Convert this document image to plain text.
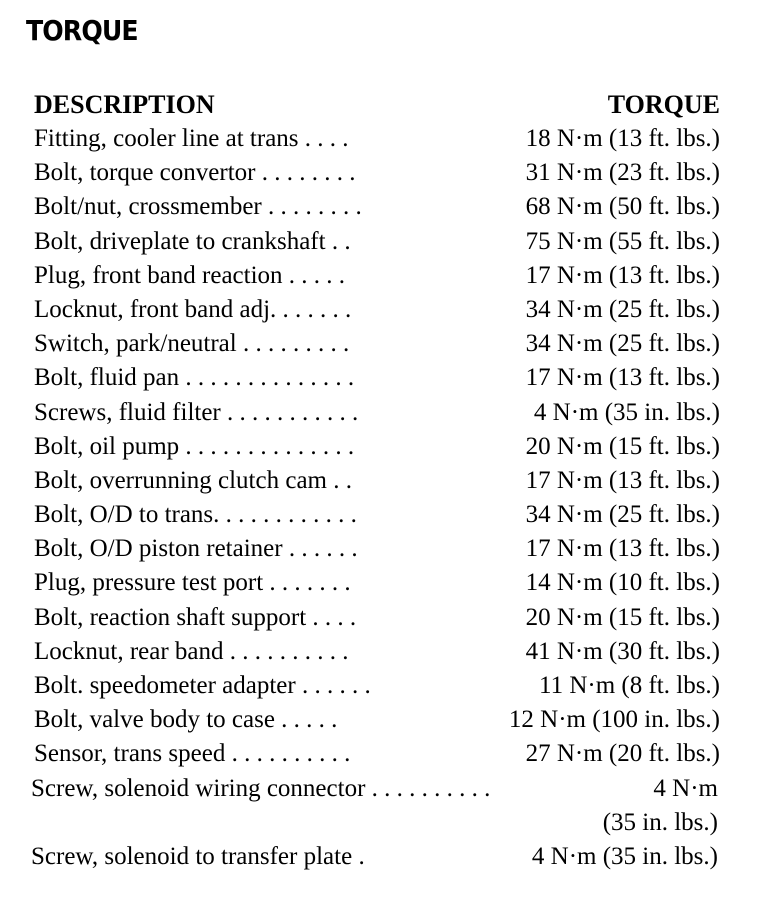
TORQUE
DESCRIPTION	TORQUE
Fitting, cooler line at trans . . . .	18 N·m (13 ft. lbs.)
Bolt, torque convertor . . . . . . . .	31 N·m (23 ft. lbs.)
Bolt/nut, crossmember . . . . . . . .	68 N·m (50 ft. lbs.)
Bolt, driveplate to crankshaft . .	75 N·m (55 ft. lbs.)
Plug, front band reaction . . . . .	17 N·m (13 ft. lbs.)
Locknut, front band adj. . . . . . .	34 N·m (25 ft. lbs.)
Switch, park/neutral . . . . . . . . .	34 N·m (25 ft. lbs.)
Bolt, fluid pan . . . . . . . . . . . . . .	17 N·m (13 ft. lbs.)
Screws, fluid filter . . . . . . . . . . .	4 N·m (35 in. lbs.)
Bolt, oil pump . . . . . . . . . . . . . .	20 N·m (15 ft. lbs.)
Bolt, overrunning clutch cam . .	17 N·m (13 ft. lbs.)
Bolt, O/D to trans. . . . . . . . . . . .	34 N·m (25 ft. lbs.)
Bolt, O/D piston retainer . . . . . .	17 N·m (13 ft. lbs.)
Plug, pressure test port . . . . . . .	14 N·m (10 ft. lbs.)
Bolt, reaction shaft support . . . .	20 N·m (15 ft. lbs.)
Locknut, rear band . . . . . . . . . .	41 N·m (30 ft. lbs.)
Bolt. speedometer adapter . . . . . .	11 N·m (8 ft. lbs.)
Bolt, valve body to case . . . . .	12 N·m (100 in. lbs.)
Sensor, trans speed . . . . . . . . . .	27 N·m (20 ft. lbs.)
Screw, solenoid wiring connector . . . . . . . . . .	4 N·m
(35 in. lbs.)
Screw, solenoid to transfer plate .	4 N·m (35 in. lbs.)
